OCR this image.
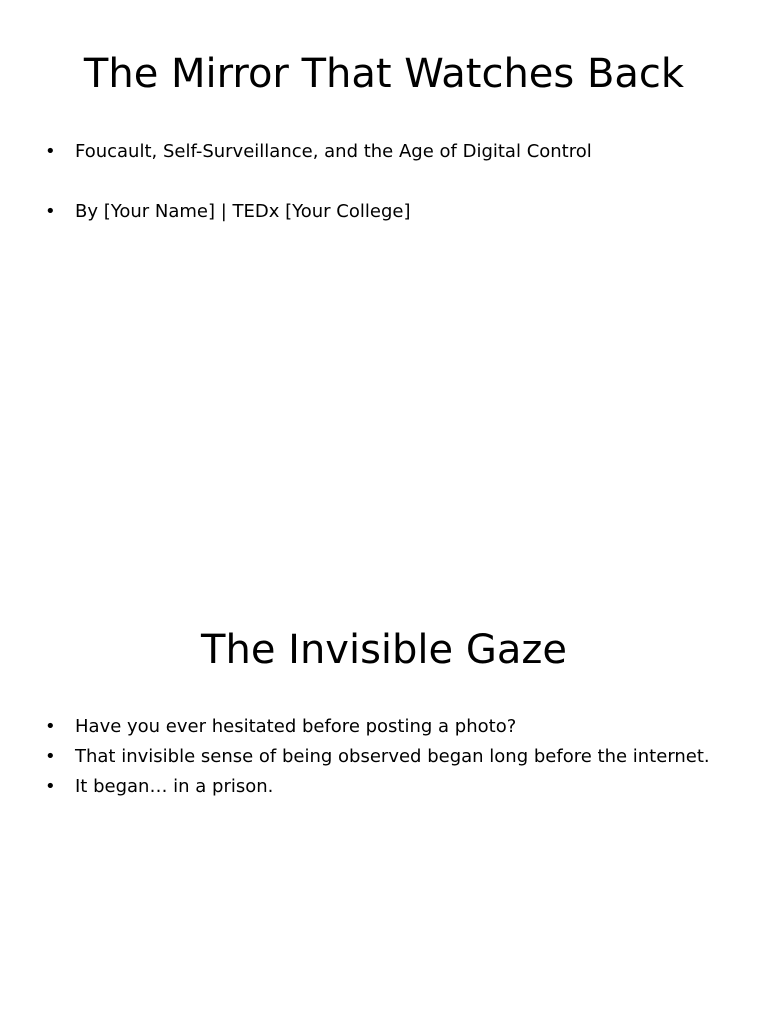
The Mirror That Watches Back
• Foucault, Self-Surveillance, and the Age of Digital Control
• By [Your Name] | TEDx [Your College]
The Invisible Gaze
• Have you ever hesitated before posting a photo?
• That invisible sense of being observed began long before the internet.
• It began… in a prison.
